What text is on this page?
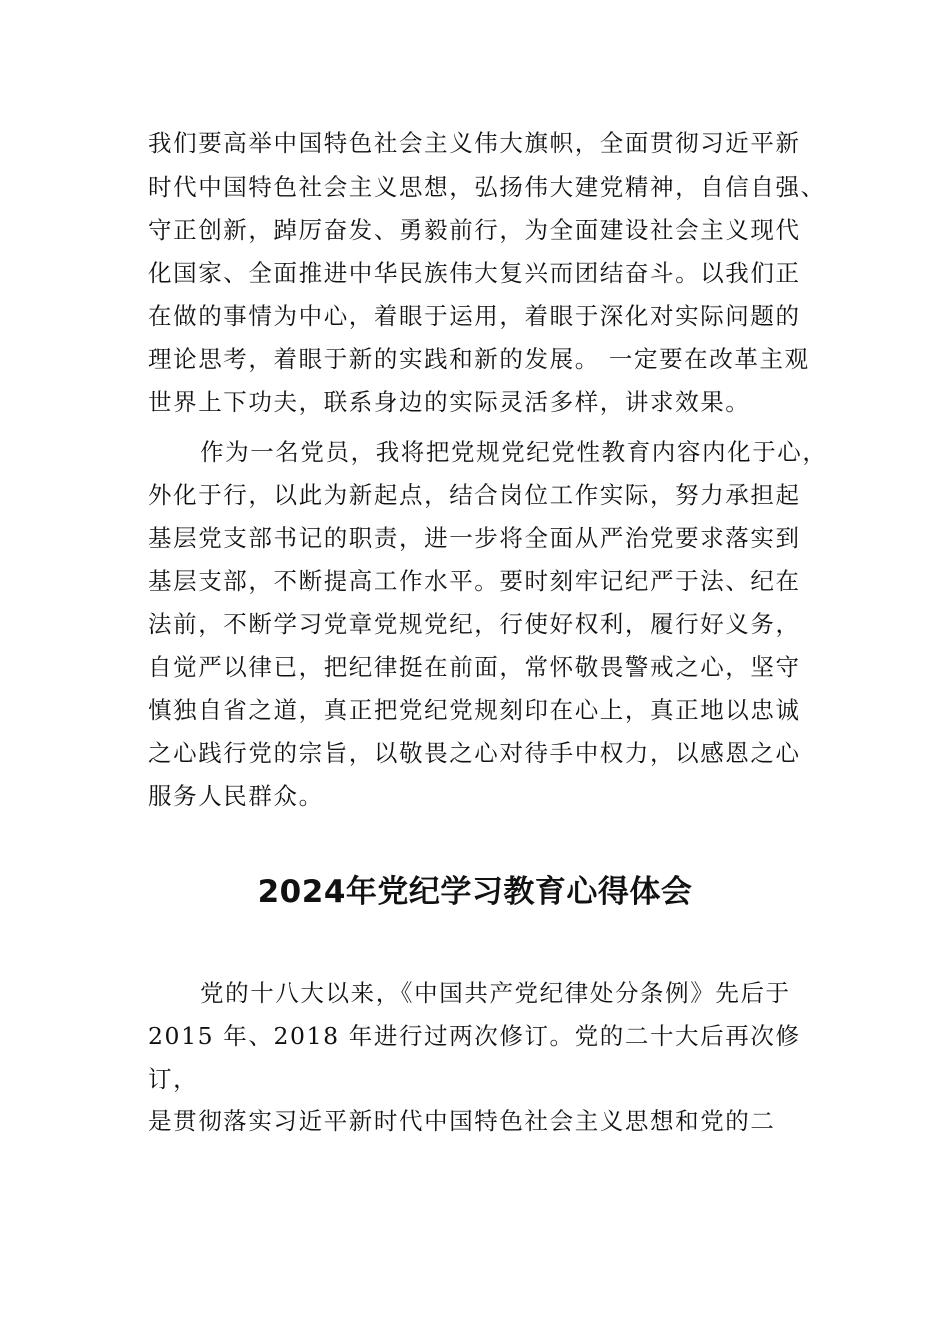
我们要高举中国特色社会主义伟大旗帜，全面贯彻习近平新
时代中国特色社会主义思想，弘扬伟大建党精神，自信自强、
守正创新，踔厉奋发、勇毅前行，为全面建设社会主义现代
化国家、全面推进中华民族伟大复兴而团结奋斗。以我们正
在做的事情为中心，着眼于运用，着眼于深化对实际问题的
理论思考，着眼于新的实践和新的发展。 一定要在改革主观
世界上下功夫，联系身边的实际灵活多样，讲求效果。
作为一名党员，我将把党规党纪党性教育内容内化于心，
外化于行，以此为新起点，结合岗位工作实际，努力承担起
基层党支部书记的职责，进一步将全面从严治党要求落实到
基层支部，不断提高工作水平。要时刻牢记纪严于法、纪在
法前，不断学习党章党规党纪，行使好权利，履行好义务，
自觉严以律已，把纪律挺在前面，常怀敬畏警戒之心，坚守
慎独自省之道，真正把党纪党规刻印在心上，真正地以忠诚
之心践行党的宗旨，以敬畏之心对待手中权力，以感恩之心
服务人民群众。
2024年党纪学习教育心得体会
党的十八大以来，《中国共产党纪律处分条例》先后于
2015 年、2018 年进行过两次修订。党的二十大后再次修
订，
是贯彻落实习近平新时代中国特色社会主义思想和党的二
